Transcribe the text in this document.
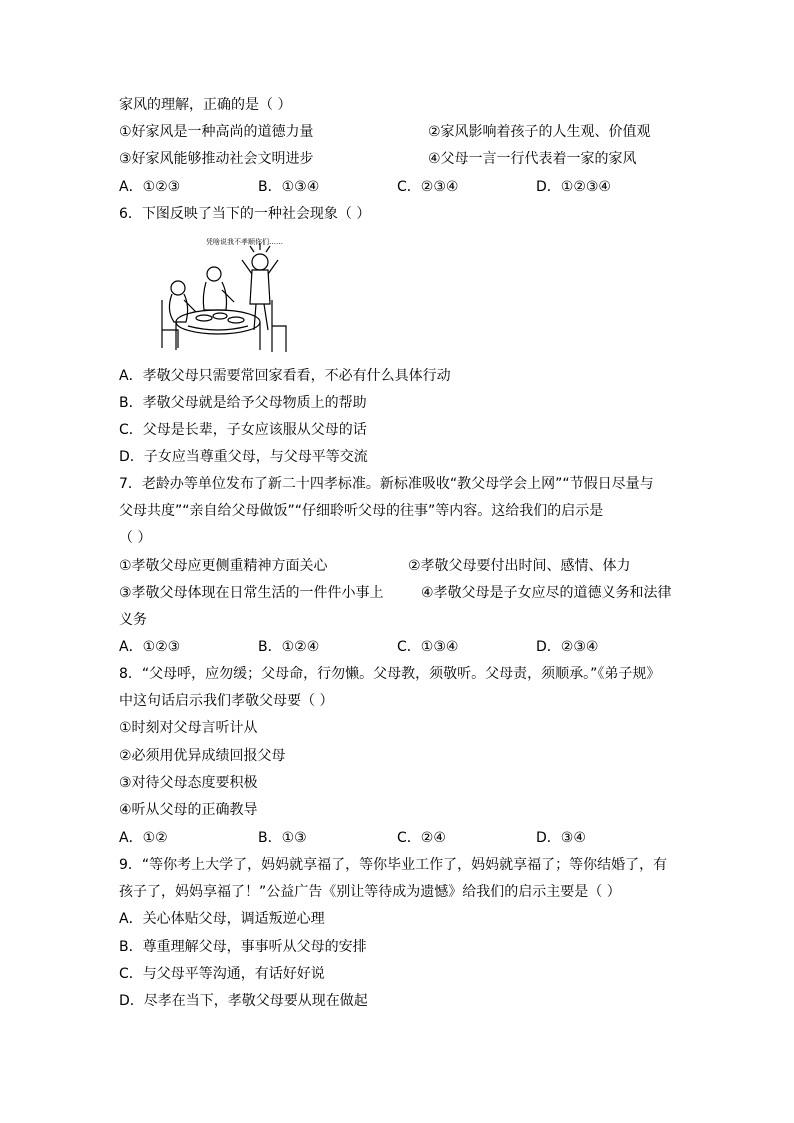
家风的理解，正确的是（ ）
①好家风是一种高尚的道德力量	②家风影响着孩子的人生观、价值观
③好家风能够推动社会文明进步	④父母一言一行代表着一家的家风
A．①②③	B．①③④	C．②③④	D．①②③④
6．下图反映了当下的一种社会现象（ ）
凭啥说我不孝顺你们……
A．孝敬父母只需要常回家看看，不必有什么具体行动
B．孝敬父母就是给予父母物质上的帮助
C．父母是长辈，子女应该服从父母的话
D．子女应当尊重父母，与父母平等交流
7．老龄办等单位发布了新二十四孝标准。新标准吸收“教父母学会上网”“节假日尽量与
父母共度”“亲自给父母做饭”“仔细聆听父母的往事”等内容。这给我们的启示是
（ ）
①孝敬父母应更侧重精神方面关心	②孝敬父母要付出时间、感情、体力
③孝敬父母体现在日常生活的一件件小事上	④孝敬父母是子女应尽的道德义务和法律
义务
A．①②③	B．①②④	C．①③④	D．②③④
8．“父母呼，应勿缓；父母命，行勿懒。父母教，须敬听。父母责，须顺承。”《弟子规》
中这句话启示我们孝敬父母要（ ）
①时刻对父母言听计从
②必须用优异成绩回报父母
③对待父母态度要积极
④听从父母的正确教导
A．①②	B．①③	C．②④	D．③④
9．“等你考上大学了，妈妈就享福了，等你毕业工作了，妈妈就享福了；等你结婚了，有
孩子了，妈妈享福了！”公益广告《别让等待成为遗憾》给我们的启示主要是（ ）
A．关心体贴父母，调适叛逆心理
B．尊重理解父母，事事听从父母的安排
C．与父母平等沟通，有话好好说
D．尽孝在当下，孝敬父母要从现在做起
